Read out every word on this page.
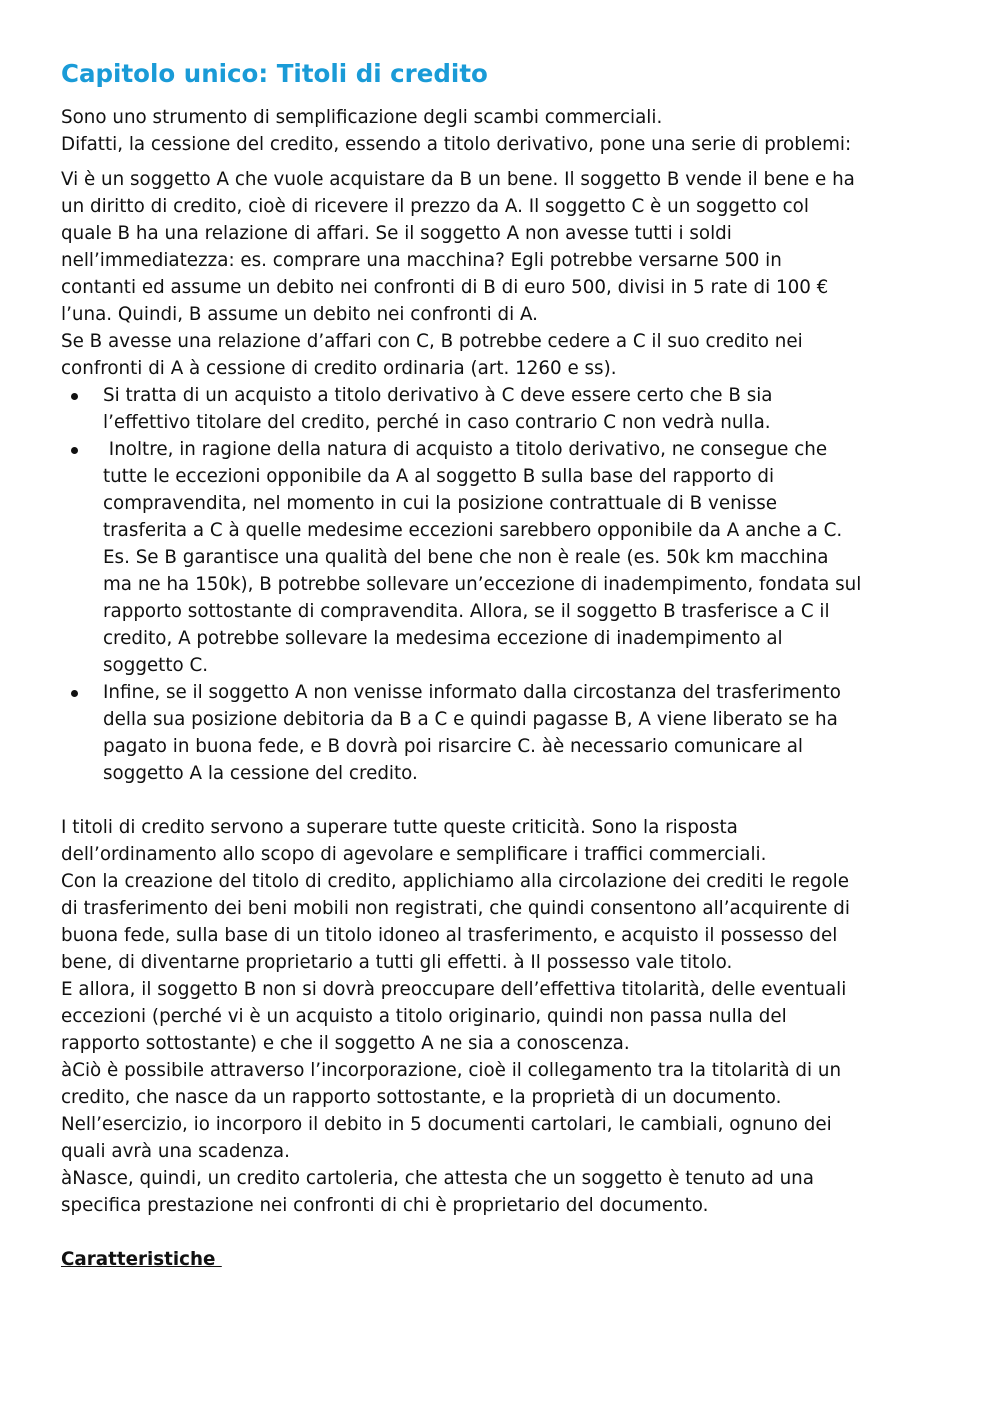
Capitolo unico: Titoli di credito
Sono uno strumento di semplificazione degli scambi commerciali.
Difatti, la cessione del credito, essendo a titolo derivativo, pone una serie di problemi:
Vi è un soggetto A che vuole acquistare da B un bene. Il soggetto B vende il bene e ha
un diritto di credito, cioè di ricevere il prezzo da A. Il soggetto C è un soggetto col
quale B ha una relazione di affari. Se il soggetto A non avesse tutti i soldi
nell’immediatezza: es. comprare una macchina? Egli potrebbe versarne 500 in
contanti ed assume un debito nei confronti di B di euro 500, divisi in 5 rate di 100 €
l’una. Quindi, B assume un debito nei confronti di A.
Se B avesse una relazione d’affari con C, B potrebbe cedere a C il suo credito nei
confronti di A à cessione di credito ordinaria (art. 1260 e ss).
Si tratta di un acquisto a titolo derivativo à C deve essere certo che B sia
l’effettivo titolare del credito, perché in caso contrario C non vedrà nulla.
Inoltre, in ragione della natura di acquisto a titolo derivativo, ne consegue che
tutte le eccezioni opponibile da A al soggetto B sulla base del rapporto di
compravendita, nel momento in cui la posizione contrattuale di B venisse
trasferita a C à quelle medesime eccezioni sarebbero opponibile da A anche a C.
Es. Se B garantisce una qualità del bene che non è reale (es. 50k km macchina
ma ne ha 150k), B potrebbe sollevare un’eccezione di inadempimento, fondata sul
rapporto sottostante di compravendita. Allora, se il soggetto B trasferisce a C il
credito, A potrebbe sollevare la medesima eccezione di inadempimento al
soggetto C.
Infine, se il soggetto A non venisse informato dalla circostanza del trasferimento
della sua posizione debitoria da B a C e quindi pagasse B, A viene liberato se ha
pagato in buona fede, e B dovrà poi risarcire C. àè necessario comunicare al
soggetto A la cessione del credito.
I titoli di credito servono a superare tutte queste criticità. Sono la risposta
dell’ordinamento allo scopo di agevolare e semplificare i traffici commerciali.
Con la creazione del titolo di credito, applichiamo alla circolazione dei crediti le regole
di trasferimento dei beni mobili non registrati, che quindi consentono all’acquirente di
buona fede, sulla base di un titolo idoneo al trasferimento, e acquisto il possesso del
bene, di diventarne proprietario a tutti gli effetti. à Il possesso vale titolo.
E allora, il soggetto B non si dovrà preoccupare dell’effettiva titolarità, delle eventuali
eccezioni (perché vi è un acquisto a titolo originario, quindi non passa nulla del
rapporto sottostante) e che il soggetto A ne sia a conoscenza.
àCiò è possibile attraverso l’incorporazione, cioè il collegamento tra la titolarità di un
credito, che nasce da un rapporto sottostante, e la proprietà di un documento.
Nell’esercizio, io incorporo il debito in 5 documenti cartolari, le cambiali, ognuno dei
quali avrà una scadenza.
àNasce, quindi, un credito cartoleria, che attesta che un soggetto è tenuto ad una
specifica prestazione nei confronti di chi è proprietario del documento.
Caratteristiche
